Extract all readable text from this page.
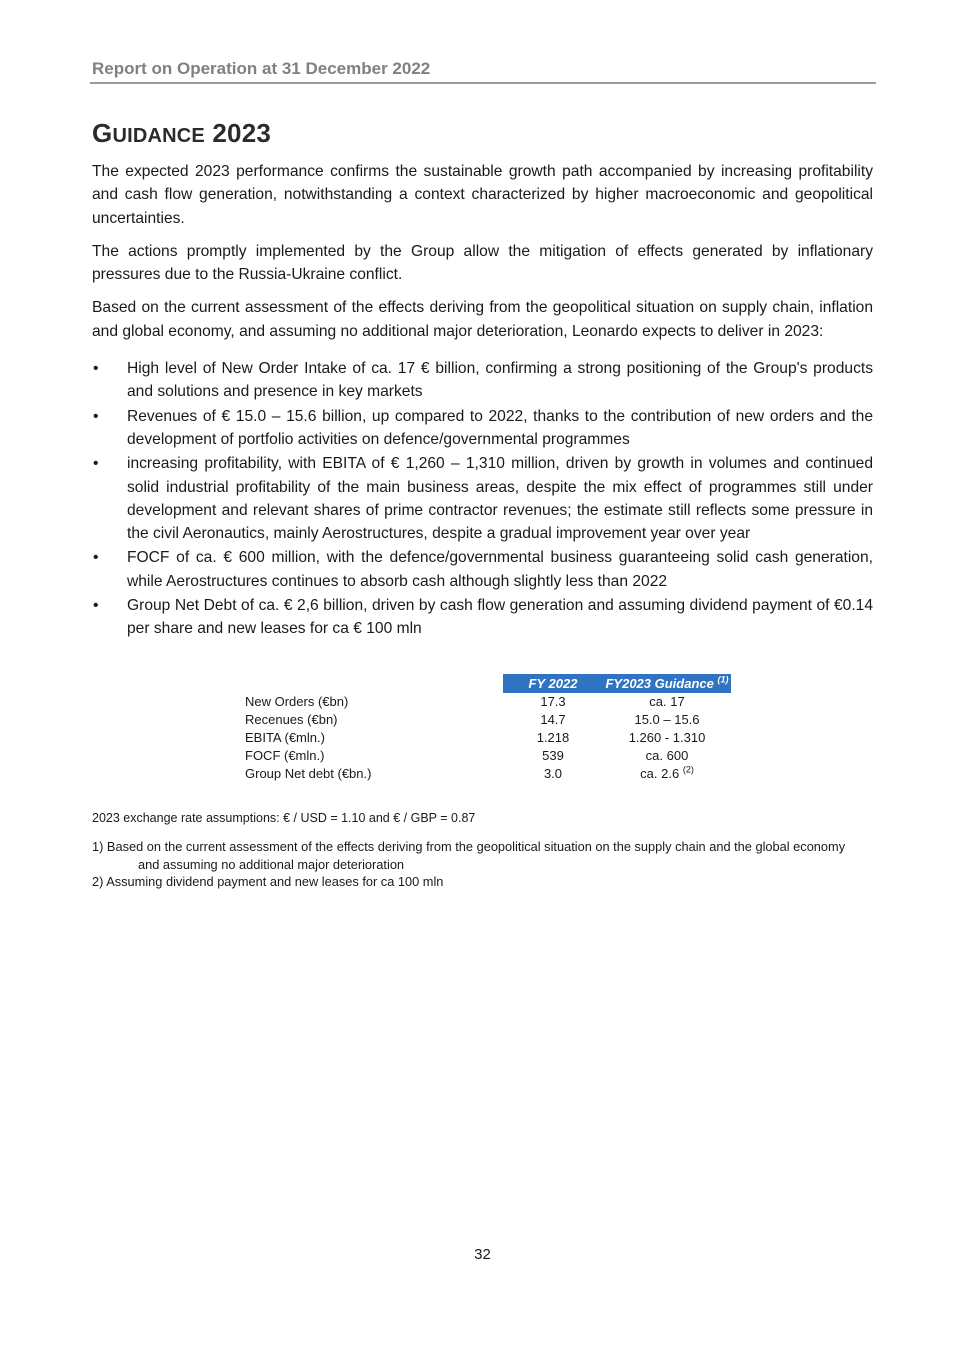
Report on Operation at 31 December 2022
GUIDANCE 2023

The expected 2023 performance confirms the sustainable growth path accompanied by increasing profitability and cash flow generation, notwithstanding a context characterized by higher macroeconomic and geopolitical uncertainties.

The actions promptly implemented by the Group allow the mitigation of effects generated by inflationary pressures due to the Russia-Ukraine conflict.

Based on the current assessment of the effects deriving from the geopolitical situation on supply chain, inflation and global economy, and assuming no additional major deterioration, Leonardo expects to deliver in 2023:

• High level of New Order Intake of ca. 17 € billion, confirming a strong positioning of the Group's products and solutions and presence in key markets
• Revenues of € 15.0 – 15.6 billion, up compared to 2022, thanks to the contribution of new orders and the development of portfolio activities on defence/governmental programmes
• increasing profitability, with EBITA of € 1,260 – 1,310 million, driven by growth in volumes and continued solid industrial profitability of the main business areas, despite the mix effect of programmes still under development and relevant shares of prime contractor revenues; the estimate still reflects some pressure in the civil Aeronautics, mainly Aerostructures, despite a gradual improvement year over year
• FOCF of ca. € 600 million, with the defence/governmental business guaranteeing solid cash generation, while Aerostructures continues to absorb cash although slightly less than 2022
• Group Net Debt of ca. € 2,6 billion, driven by cash flow generation and assuming dividend payment of €0.14 per share and new leases for ca € 100 mln
	FY 2022	FY2023 Guidance $^{(1)}$
New Orders (€bn)	17.3	ca. 17
Recenues (€bn)	14.7	15.0 – 15.6
EBITA (€mln.)	1.218	1.260 - 1.310
FOCF (€mln.)	539	ca. 600
Group Net debt (€bn.)	3.0	ca. 2.6 $^{(2)}$
2023 exchange rate assumptions: € / USD = 1.10 and € / GBP = 0.87
1) Based on the current assessment of the effects deriving from the geopolitical situation on the supply chain and the global economy
and assuming no additional major deterioration
2) Assuming dividend payment and new leases for ca 100 mln
32
